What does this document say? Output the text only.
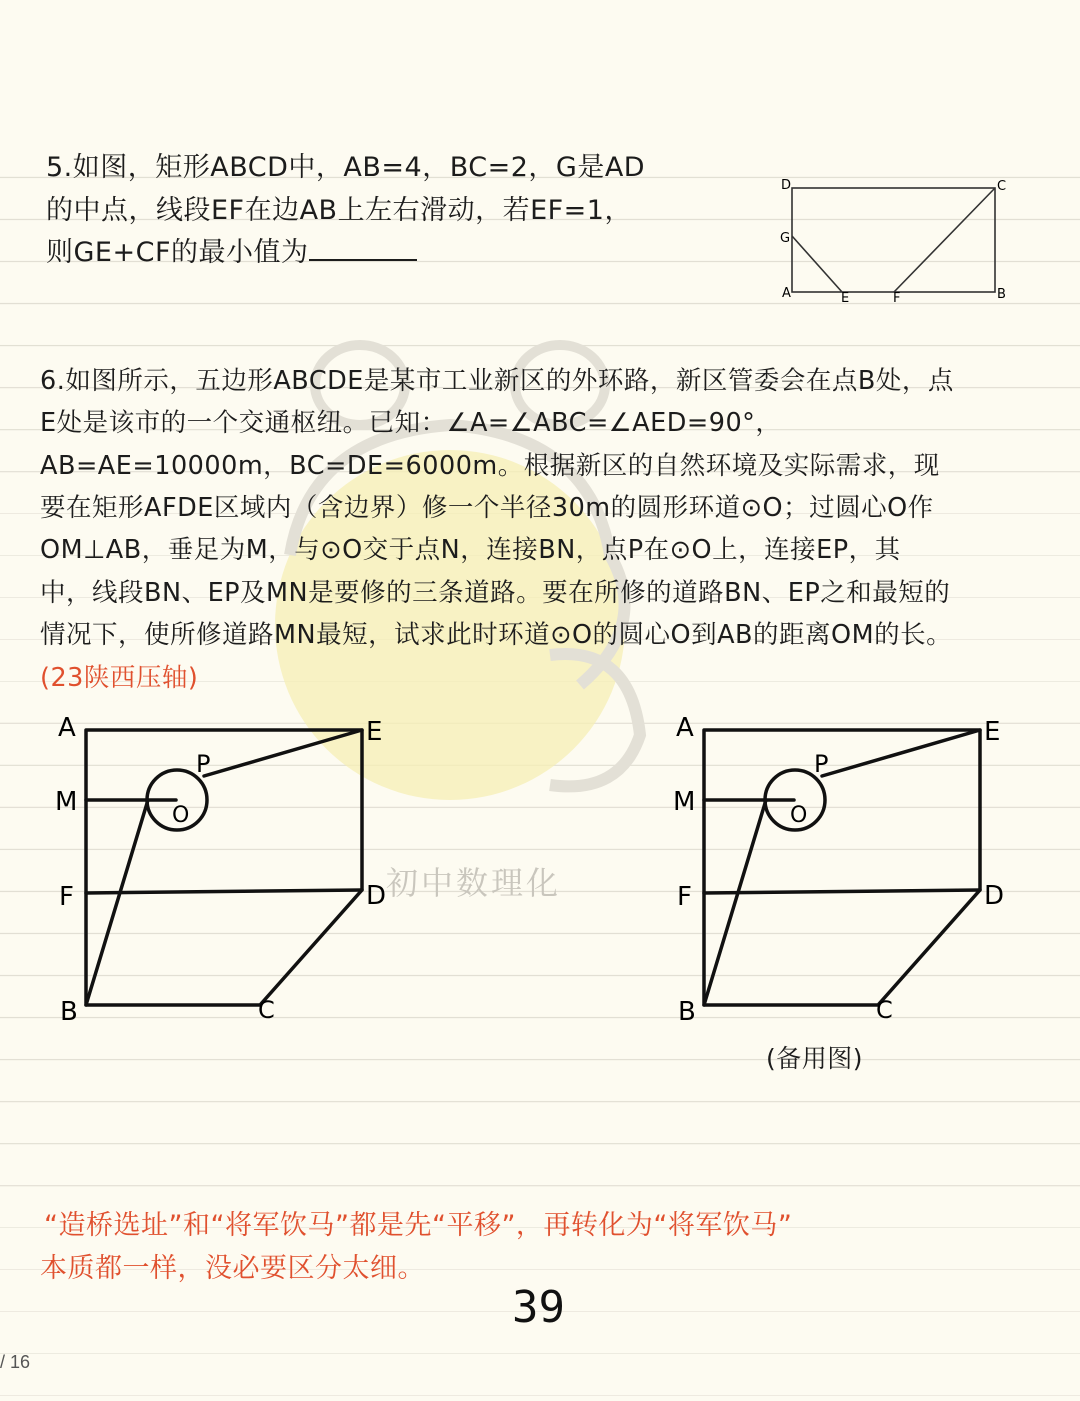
初中数理化

5.如图，矩形ABCD中，AB=4，BC=2，G是AD

的中点，线段EF在边AB上左右滑动，若EF=1，

则GE+CF的最小值为

D	C
G
A	E	F	B

6.如图所示，五边形ABCDE是某市工业新区的外环路，新区管委会在点B处，点

E处是该市的一个交通枢纽。已知：∠A=∠ABC=∠AED=90°，

AB=AE=10000m，BC=DE=6000m。根据新区的自然环境及实际需求，现

要在矩形AFDE区域内（含边界）修一个半径30m的圆形环道⊙O；过圆心O作

OM⊥AB，垂足为M，与⊙O交于点N，连接BN，点P在⊙O上，连接EP，其

中，线段BN、EP及MN是要修的三条道路。要在所修的道路BN、EP之和最短的

情况下，使所修道路MN最短，试求此时环道⊙O的圆心O到AB的距离OM的长。

(23陕西压轴)

A	E
P
M	O
F	D
B	C
A	E
P
M	O
F	D
B	C

(备用图)

“造桥选址”和“将军饮马”都是先“平移”，再转化为“将军饮马”

本质都一样，没必要区分太细。

39
/ 16
